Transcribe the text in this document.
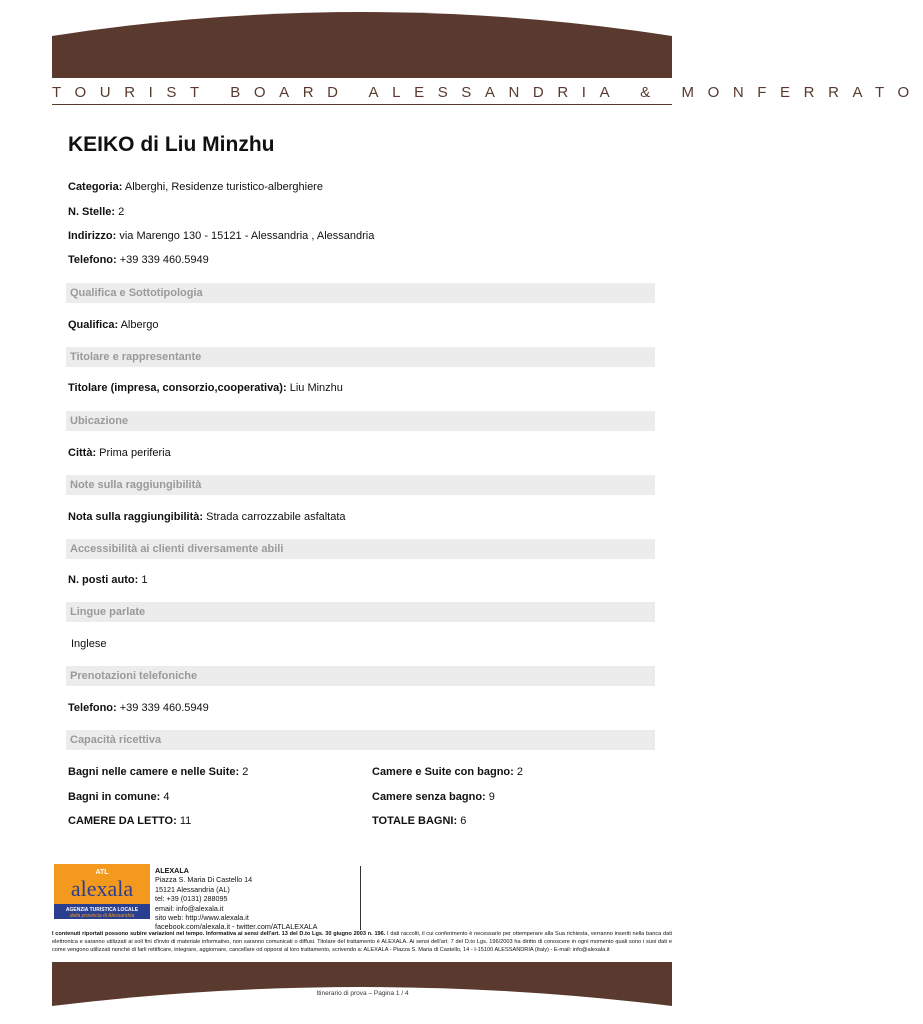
TOURIST BOARD ALESSANDRIA & MONFERRATO
KEIKO di Liu Minzhu
Categoria: Alberghi, Residenze turistico-alberghiere
N. Stelle: 2
Indirizzo: via Marengo 130 - 15121 - Alessandria , Alessandria
Telefono: +39 339 460.5949
Qualifica e Sottotipologia
Qualifica: Albergo
Titolare e rappresentante
Titolare (impresa, consorzio,cooperativa): Liu Minzhu
Ubicazione
Città: Prima periferia
Note sulla raggiungibilità
Nota sulla raggiungibilità: Strada carrozzabile asfaltata
Accessibilità ai clienti diversamente abili
N. posti auto: 1
Lingue parlate
Inglese
Prenotazioni telefoniche
Telefono: +39 339 460.5949
Capacità ricettiva
Bagni nelle camere e nelle Suite: 2	Camere e Suite con bagno: 2
Bagni in comune: 4	Camere senza bagno: 9
CAMERE DA LETTO: 11	TOTALE BAGNI: 6
ATL
alexala
AGENZIA TURISTICA LOCALE
della provincia di Alessandria
ALEXALA
Piazza S. Maria Di Castello 14
15121 Alessandria (AL)
tel: +39 (0131) 288095
email: info@alexala.it
sito web: http://www.alexala.it
facebook.com/alexala.it - twitter.com/ATLALEXALA
I contenuti riportati possono subire variazioni nel tempo. Informativa ai sensi dell'art. 13 del D.to Lgs. 30 giugno 2003 n. 196. I dati raccolti, il cui conferimento è necessario per ottemperare alla Sua richiesta, verranno inseriti nella banca dati elettronica e saranno utilizzati ai soli fini d'invio di materiale informativo, non saranno comunicati o diffusi. Titolare del trattamento è ALEXALA. Ai sensi dell'art. 7 del D.to Lgs. 196/2003 ha diritto di conoscere in ogni momento quali sono i suoi dati e come vengono utilizzati nonché di farli rettificare, integrare, aggiornare, cancellare od opporsi al loro trattamento, scrivendo a: ALEXALA - Piazza S. Maria di Castello, 14 - I-15100 ALESSANDRIA (Italy) - E-mail: info@alexala.it
Itinerario di prova – Pagina 1 / 4
